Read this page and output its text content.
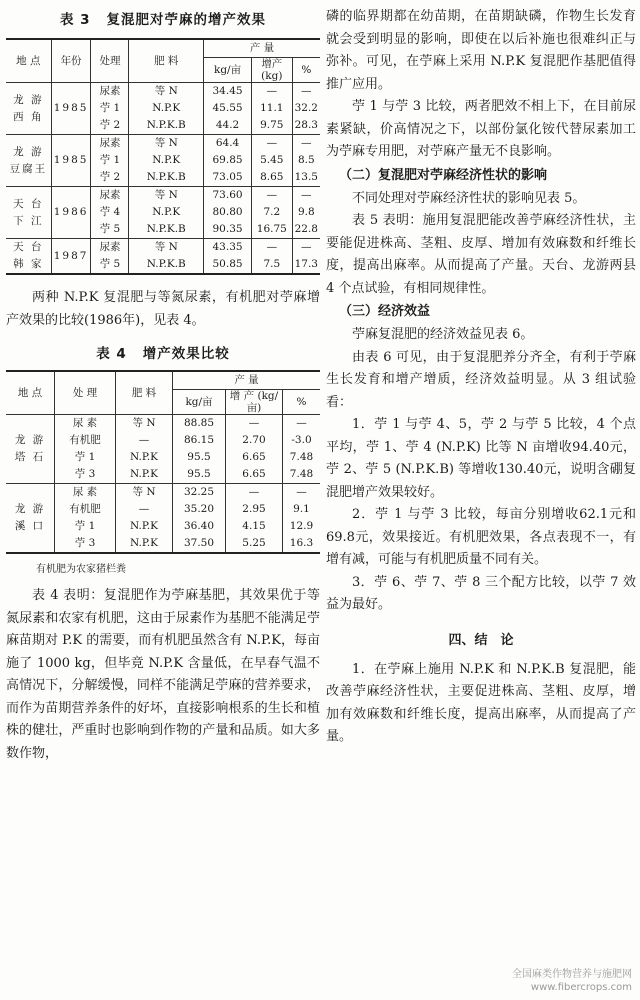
表 3 复混肥对苧麻的增产效果
地 点	年份	处理	肥 料	产 量		
				kg/亩	增产(kg)	%
龙 游 西 角	1985	尿素	等 N	34.45	—	—
		苧 1	N.P.K	45.55	11.1	32.2
		苧 2	N.P.K.B	44.2	9.75	28.3
龙 游 豆腐王	1985	尿素	等 N	64.4	—	—
		苧 1	N.P.K	69.85	5.45	8.5
		苧 2	N.P.K.B	73.05	8.65	13.5
天 台 下 江	1986	尿素	等 N	73.60	—	—
		苧 4	N.P.K	80.80	7.2	9.8
		苧 5	N.P.K.B	90.35	16.75	22.8
天 台 韩 家	1987	尿素	等 N	43.35	—	—
		苧 5	N.P.K.B	50.85	7.5	17.3

两种 N.P.K 复混肥与等氮尿素，有机肥对苧麻增产效果的比较(1986年)，见表 4。

表 4 增产效果比较
地 点	处 理	肥 料	产 量		
			kg/亩	增 产 (kg/亩)	%
龙 游 塔 石	尿 素	等 N	88.85	—	—
	有机肥	—	86.15	2.70	-3.0
	苧 1	N.P.K	95.5	6.65	7.48
	苧 3	N.P.K	95.5	6.65	7.48
龙 游 溪 口	尿 素	等 N	32.25	—	—
	有机肥	—	35.20	2.95	9.1
	苧 1	N.P.K	36.40	4.15	12.9
	苧 3	N.P.K	37.50	5.25	16.3
有机肥为农家猪栏粪

表 4 表明：复混肥作为苧麻基肥，其效果优于等氮尿素和农家有机肥，这由于尿素作为基肥不能满足苧麻苗期对 P.K 的需要，而有机肥虽然含有 N.P.K，每亩施了 1000 kg，但毕竟 N.P.K 含量低，在早春气温不高情况下，分解缓慢，同样不能满足苧麻的营养要求，而作为苗期营养条件的好坏，直接影响根系的生长和植株的健壮，严重时也影响到作物的产量和品质。如大多数作物，

磷的临界期都在幼苗期，在苗期缺磷，作物生长发育就会受到明显的影响，即使在以后补施也很难纠正与弥补。可见，在苧麻上采用 N.P.K 复混肥作基肥值得推广应用。

苧 1 与苧 3 比较，两者肥效不相上下，在目前尿素紧缺，价高情况之下，以部份氯化铵代替尿素加工为苧麻专用肥，对苧麻产量无不良影响。

（二）复混肥对苧麻经济性状的影响

不同处理对苧麻经济性状的影响见表 5。

表 5 表明：施用复混肥能改善苧麻经济性状，主要能促进株高、茎粗、皮厚、增加有效麻数和纤维长度，提高出麻率。从而提高了产量。天台、龙游两县 4 个点试验，有相同规律性。

（三）经济效益

苧麻复混肥的经济效益见表 6。

由表 6 可见，由于复混肥养分齐全，有利于苧麻生长发育和增产增质，经济效益明显。从 3 组试验看：

1．苧 1 与苧 4、5，苧 2 与苧 5 比较，4 个点平均，苧 1、苧 4 (N.P.K) 比等 N 亩增收94.40元，苧 2、苧 5 (N.P.K.B) 等增收130.40元，说明含硼复混肥增产效果较好。

2．苧 1 与苧 3 比较，每亩分别增收62.1元和69.8元，效果接近。有机肥效果，各点表现不一，有增有减，可能与有机肥质量不同有关。

3．苧 6、苧 7、苧 8 三个配方比较，以苧 7 效益为最好。

四、结　论

1．在苧麻上施用 N.P.K 和 N.P.K.B 复混肥，能改善苧麻经济性状，主要促进株高、茎粗、皮厚，增加有效麻数和纤维长度，提高出麻率，从而提高了产量。

全国麻类作物营养与施肥网
www.fibercrops.com
